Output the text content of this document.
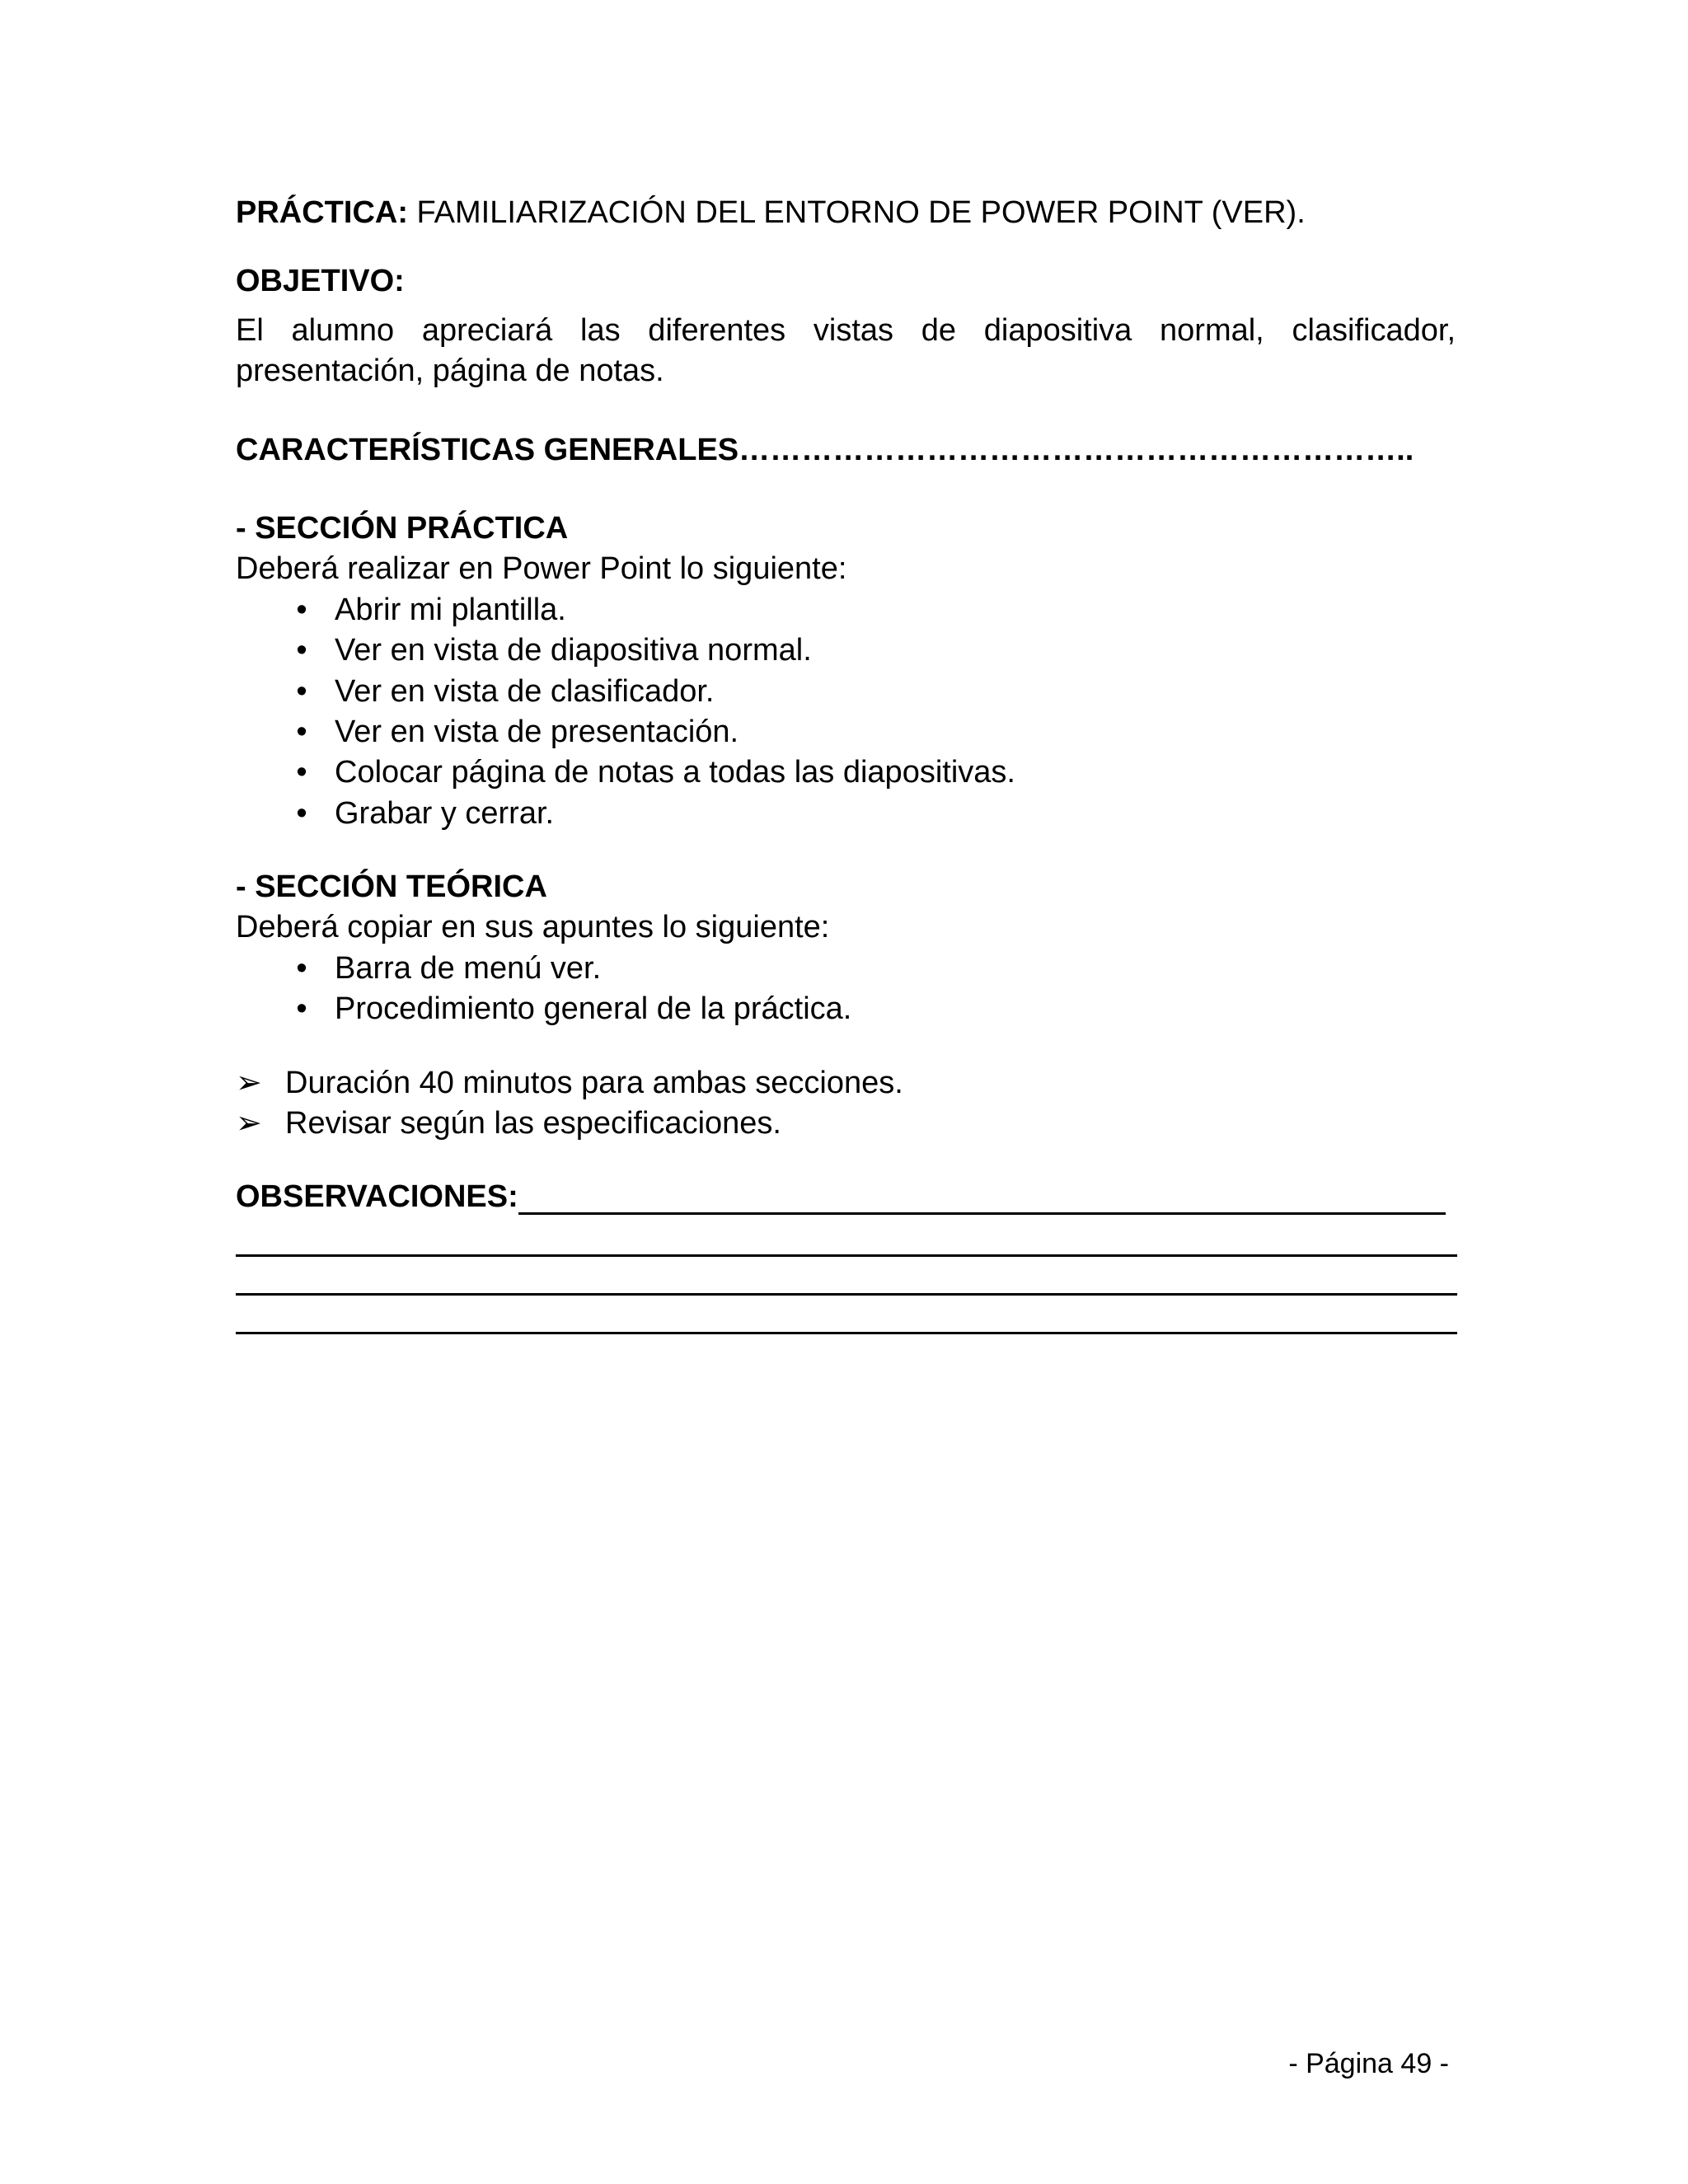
PRÁCTICA: FAMILIARIZACIÓN DEL ENTORNO DE POWER POINT (VER).

OBJETIVO:

El alumno apreciará las diferentes vistas de diapositiva normal, clasificador,
presentación, página de notas.

CARACTERÍSTICAS GENERALES………………………………………………………..

- SECCIÓN PRÁCTICA

Deberá realizar en Power Point lo siguiente:

• Abrir mi plantilla.
• Ver en vista de diapositiva normal.
• Ver en vista de clasificador.
• Ver en vista de presentación.
• Colocar página de notas a todas las diapositivas.
• Grabar y cerrar.

- SECCIÓN TEÓRICA

Deberá copiar en sus apuntes lo siguiente:

• Barra de menú ver.
• Procedimiento general de la práctica.
➢ Duración 40 minutos para ambas secciones.
➢ Revisar según las especificaciones.
OBSERVACIONES:
- Página 49 -
